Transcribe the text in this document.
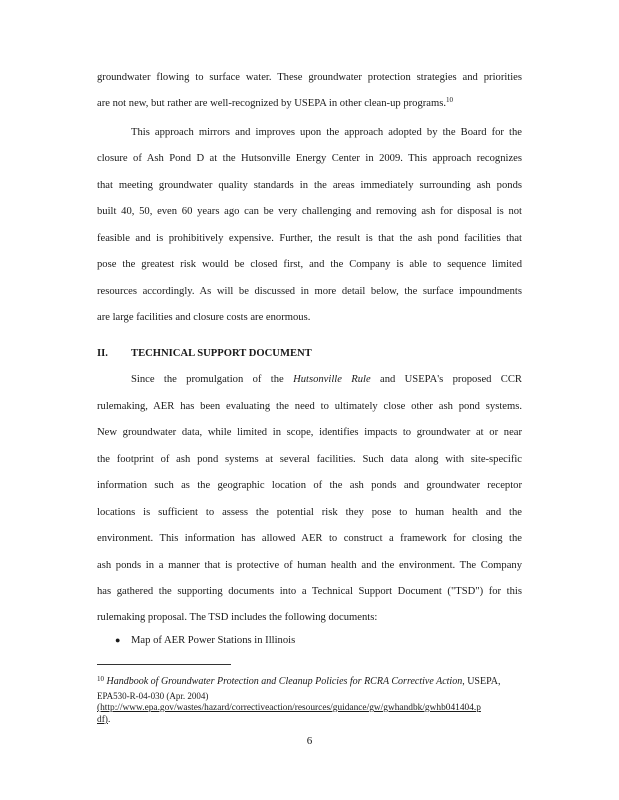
groundwater flowing to surface water. These groundwater protection strategies and priorities
are not new, but rather are well-recognized by USEPA in other clean-up programs.$^{10}$
This approach mirrors and improves upon the approach adopted by the Board for the
closure of Ash Pond D at the Hutsonville Energy Center in 2009. This approach recognizes
that meeting groundwater quality standards in the areas immediately surrounding ash ponds
built 40, 50, even 60 years ago can be very challenging and removing ash for disposal is not
feasible and is prohibitively expensive. Further, the result is that the ash pond facilities that
pose the greatest risk would be closed first, and the Company is able to sequence limited
resources accordingly. As will be discussed in more detail below, the surface impoundments
are large facilities and closure costs are enormous.
II. TECHNICAL SUPPORT DOCUMENT
Since the promulgation of the Hutsonville Rule and USEPA's proposed CCR
rulemaking, AER has been evaluating the need to ultimately close other ash pond systems.
New groundwater data, while limited in scope, identifies impacts to groundwater at or near
the footprint of ash pond systems at several facilities. Such data along with site-specific
information such as the geographic location of the ash ponds and groundwater receptor
locations is sufficient to assess the potential risk they pose to human health and the
environment. This information has allowed AER to construct a framework for closing the
ash ponds in a manner that is protective of human health and the environment. The Company
has gathered the supporting documents into a Technical Support Document ("TSD") for this
rulemaking proposal. The TSD includes the following documents:
● Map of AER Power Stations in Illinois
$^{10}$ Handbook of Groundwater Protection and Cleanup Policies for RCRA Corrective Action, USEPA,
EPA530-R-04-030 (Apr. 2004)
(http://www.epa.gov/wastes/hazard/correctiveaction/resources/guidance/gw/gwhandbk/gwhb041404.p
df).
6
